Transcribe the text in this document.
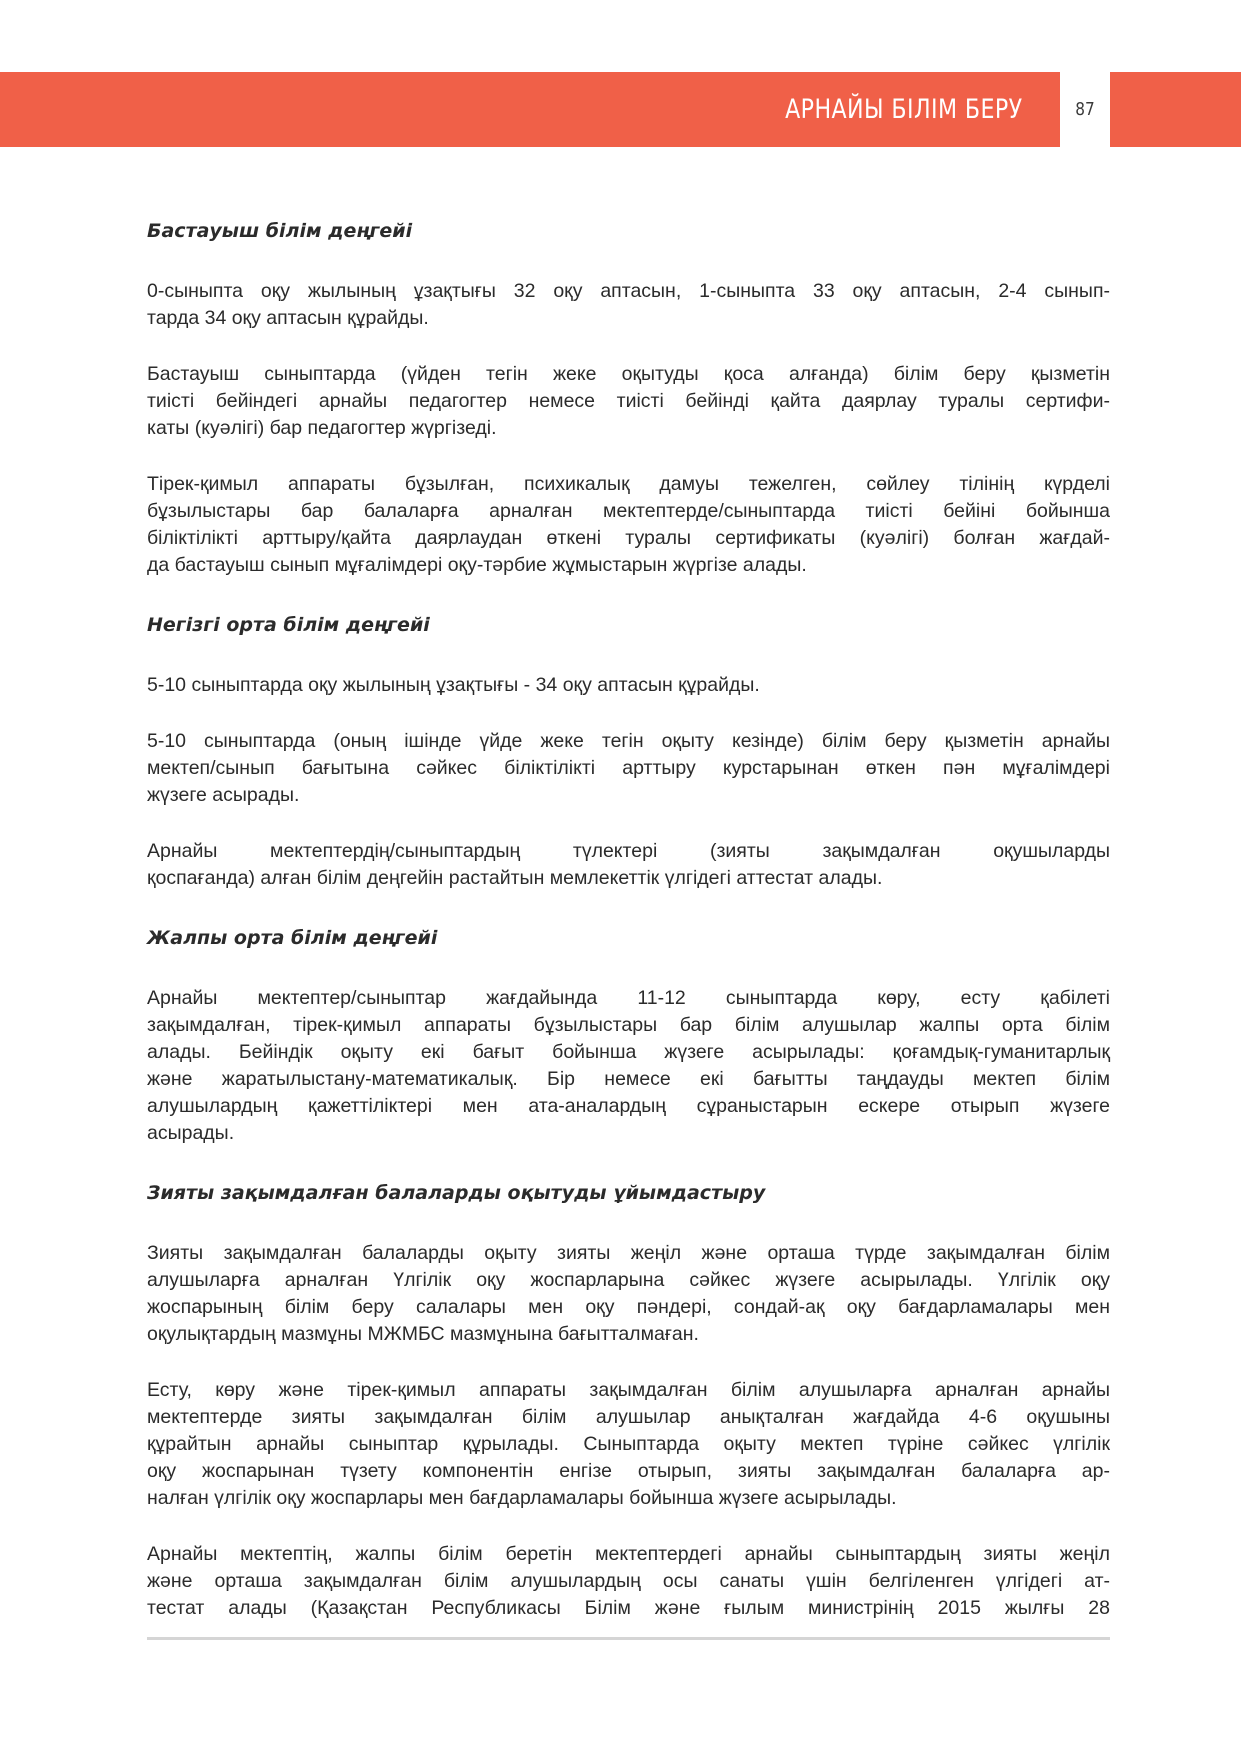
АРНАЙЫ БІЛІМ БЕРУ	87
Бастауыш білім деңгейі
0-сыныпта оқу жылының ұзақтығы 32 оқу аптасын, 1-сыныпта 33 оқу аптасын, 2-4 сынып-
тарда 34 оқу аптасын құрайды.
Бастауыш сыныптарда (үйден тегін жеке оқытуды қоса алғанда) білім беру қызметін
тиісті бейіндегі арнайы педагогтер немесе тиісті бейінді қайта даярлау туралы сертифи-
каты (куәлiгi) бар педагогтер жүргізеді.
Тірек-қимыл аппараты бұзылған, психикалық дамуы тежелген, сөйлеу тілінің күрделі
бұзылыстары бар балаларға арналған мектептерде/сыныптарда тиісті бейіні бойынша
біліктілікті арттыру/қайта даярлаудан өткені туралы сертификаты (куәлігі) болған жағдай-
да бастауыш сынып мұғалімдері оқу-тәрбие жұмыстарын жүргізе алады.
Негізгі орта білім деңгейі
5-10 сыныптарда оқу жылының ұзақтығы - 34 оқу аптасын құрайды.
5-10 сыныптарда (оның ішінде үйде жеке тегін оқыту кезінде) білім беру қызметін арнайы
мектеп/сынып бағытына сәйкес біліктілікті арттыру курстарынан өткен пән мұғалімдері
жүзеге асырады.
Арнайы мектептердің/сыныптардың түлектері (зияты зақымдалған оқушыларды
қоспағанда) алған білім деңгейін растайтын мемлекеттік үлгідегі аттестат алады.
Жалпы орта білім деңгейі
Арнайы мектептер/сыныптар жағдайында 11-12 сыныптарда көру, есту қабілеті
зақымдалған, тірек-қимыл аппараты бұзылыстары бар білім алушылар жалпы орта білім
алады. Бейіндік оқыту екі бағыт бойынша жүзеге асырылады: қоғамдық-гуманитарлық
және жаратылыстану-математикалық. Бір немесе екі бағытты таңдауды мектеп білім
алушылардың қажеттіліктері мен ата-аналардың сұраныстарын ескере отырып жүзеге
асырады.
Зияты зақымдалған балаларды оқытуды ұйымдастыру
Зияты зақымдалған балаларды оқыту зияты жеңіл және орташа түрде зақымдалған білім
алушыларға арналған Үлгілік оқу жоспарларына сәйкес жүзеге асырылады. Үлгілік оқу
жоспарының білім беру салалары мен оқу пәндері, сондай-ақ оқу бағдарламалары мен
оқулықтардың мазмұны МЖМБС мазмұнына бағытталмаған.
Есту, көру және тірек-қимыл аппараты зақымдалған білім алушыларға арналған арнайы
мектептерде зияты зақымдалған білім алушылар анықталған жағдайда 4-6 оқушыны
құрайтын арнайы сыныптар құрылады. Сыныптарда оқыту мектеп түріне сәйкес үлгілік
оқу жоспарынан түзету компонентін енгізе отырып, зияты зақымдалған балаларға ар-
налған үлгілік оқу жоспарлары мен бағдарламалары бойынша жүзеге асырылады.
Арнайы мектептің, жалпы білім беретін мектептердегі арнайы сыныптардың зияты жеңіл
және орташа зақымдалған білім алушылардың осы санаты үшін белгіленген үлгідегі ат-
тестат алады (Қазақстан Республикасы Білім және ғылым министрінің 2015 жылғы 28
